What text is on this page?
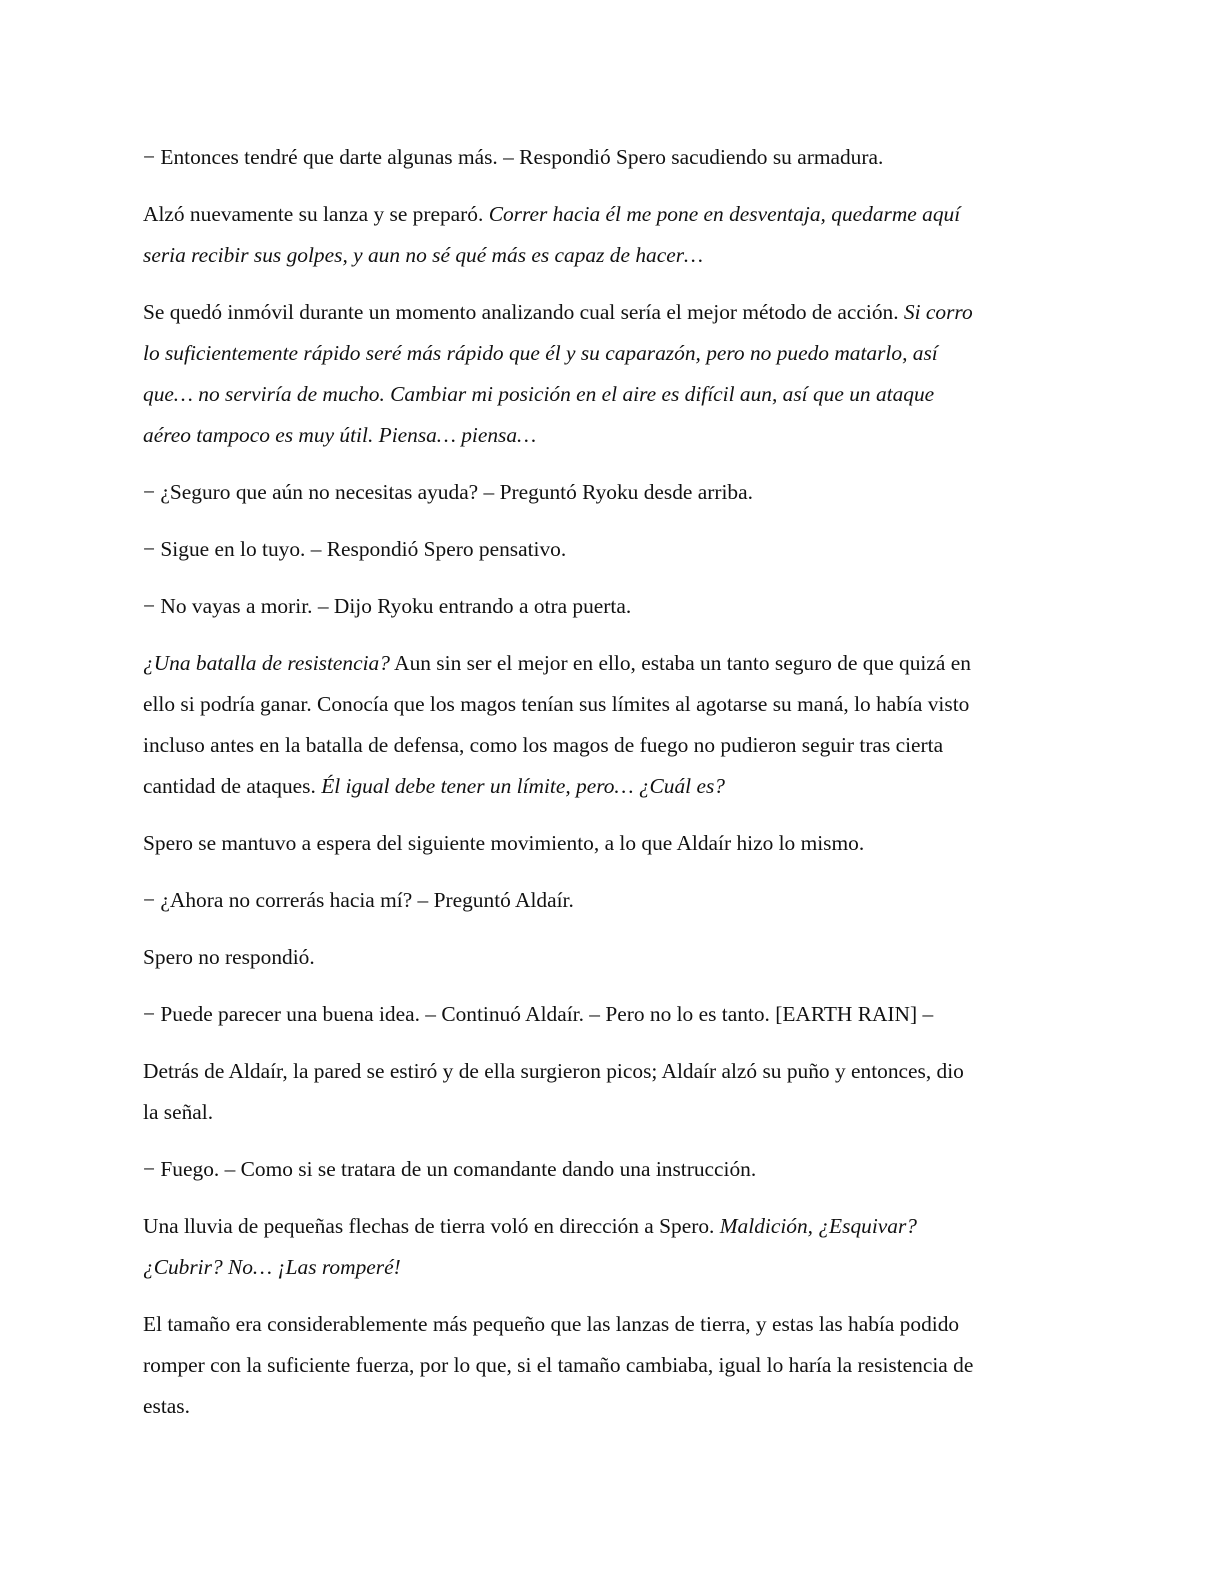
− Entonces tendré que darte algunas más. – Respondió Spero sacudiendo su armadura.

Alzó nuevamente su lanza y se preparó. Correr hacia él me pone en desventaja, quedarme aquí
seria recibir sus golpes, y aun no sé qué más es capaz de hacer…

Se quedó inmóvil durante un momento analizando cual sería el mejor método de acción. Si corro
lo suficientemente rápido seré más rápido que él y su caparazón, pero no puedo matarlo, así
que… no serviría de mucho. Cambiar mi posición en el aire es difícil aun, así que un ataque
aéreo tampoco es muy útil. Piensa… piensa…

− ¿Seguro que aún no necesitas ayuda? – Preguntó Ryoku desde arriba.

− Sigue en lo tuyo. – Respondió Spero pensativo.

− No vayas a morir. – Dijo Ryoku entrando a otra puerta.

¿Una batalla de resistencia? Aun sin ser el mejor en ello, estaba un tanto seguro de que quizá en
ello si podría ganar. Conocía que los magos tenían sus límites al agotarse su maná, lo había visto
incluso antes en la batalla de defensa, como los magos de fuego no pudieron seguir tras cierta
cantidad de ataques. Él igual debe tener un límite, pero… ¿Cuál es?

Spero se mantuvo a espera del siguiente movimiento, a lo que Aldaír hizo lo mismo.

− ¿Ahora no correrás hacia mí? – Preguntó Aldaír.

Spero no respondió.

− Puede parecer una buena idea. – Continuó Aldaír. – Pero no lo es tanto. [EARTH RAIN] –

Detrás de Aldaír, la pared se estiró y de ella surgieron picos; Aldaír alzó su puño y entonces, dio
la señal.

− Fuego. – Como si se tratara de un comandante dando una instrucción.

Una lluvia de pequeñas flechas de tierra voló en dirección a Spero. Maldición, ¿Esquivar?
¿Cubrir? No… ¡Las romperé!

El tamaño era considerablemente más pequeño que las lanzas de tierra, y estas las había podido
romper con la suficiente fuerza, por lo que, si el tamaño cambiaba, igual lo haría la resistencia de
estas.
